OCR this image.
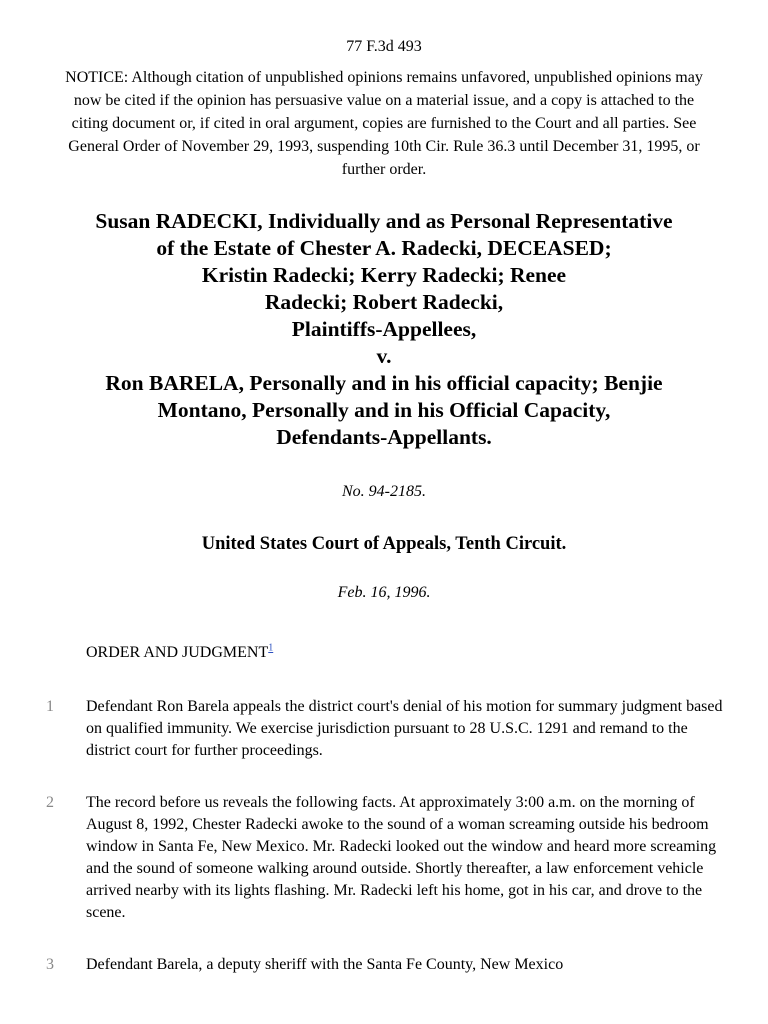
77 F.3d 493
NOTICE: Although citation of unpublished opinions remains unfavored, unpublished opinions may now be cited if the opinion has persuasive value on a material issue, and a copy is attached to the citing document or, if cited in oral argument, copies are furnished to the Court and all parties. See General Order of November 29, 1993, suspending 10th Cir. Rule 36.3 until December 31, 1995, or further order.
Susan RADECKI, Individually and as Personal Representative
of the Estate of Chester A. Radecki, DECEASED;
Kristin Radecki; Kerry Radecki; Renee
Radecki; Robert Radecki,
Plaintiffs-Appellees,
v.
Ron BARELA, Personally and in his official capacity; Benjie
Montano, Personally and in his Official Capacity,
Defendants-Appellants.
No. 94-2185.
United States Court of Appeals, Tenth Circuit.
Feb. 16, 1996.
ORDER AND JUDGMENT$^1$
1	Defendant Ron Barela appeals the district court's denial of his motion for summary judgment based on qualified immunity. We exercise jurisdiction pursuant to 28 U.S.C. 1291 and remand to the district court for further proceedings.
2	The record before us reveals the following facts. At approximately 3:00 a.m. on the morning of August 8, 1992, Chester Radecki awoke to the sound of a woman screaming outside his bedroom window in Santa Fe, New Mexico. Mr. Radecki looked out the window and heard more screaming and the sound of someone walking around outside. Shortly thereafter, a law enforcement vehicle arrived nearby with its lights flashing. Mr. Radecki left his home, got in his car, and drove to the scene.
3	Defendant Barela, a deputy sheriff with the Santa Fe County, New Mexico
